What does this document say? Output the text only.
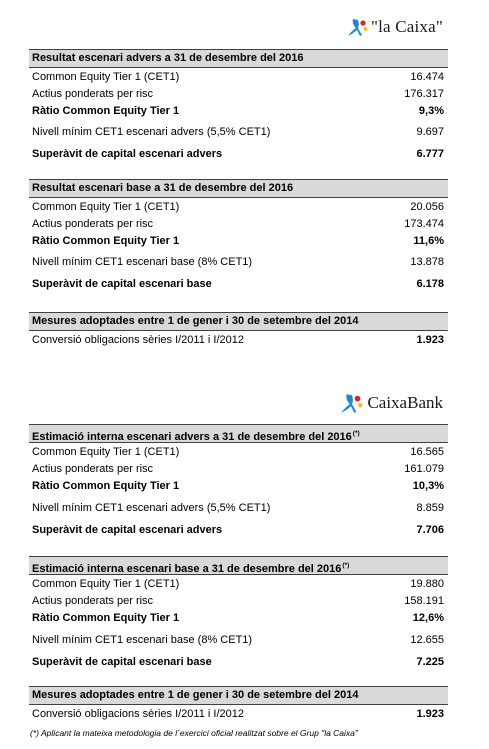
"la Caixa"
CaixaBank
Resultat escenari advers a 31 de desembre del 2016
Common Equity Tier 1 (CET1)	16.474
Actius ponderats per risc	176.317
Ràtio Common Equity Tier 1	9,3%
Nivell mínim CET1 escenari advers (5,5% CET1)	9.697
Superàvit de capital escenari advers	6.777
Resultat escenari base a 31 de desembre del 2016
Common Equity Tier 1 (CET1)	20.056
Actius ponderats per risc	173.474
Ràtio Common Equity Tier 1	11,6%
Nivell mínim CET1 escenari base (8% CET1)	13.878
Superàvit de capital escenari base	6.178
Mesures adoptades entre 1 de gener i 30 de setembre del 2014
Conversió obligacions sèries I/2011 i I/2012	1.923
Estimació interna escenari advers a 31 de desembre del 2016(*)
Common Equity Tier 1 (CET1)	16.565
Actius ponderats per risc	161.079
Ràtio Common Equity Tier 1	10,3%
Nivell mínim CET1 escenari advers (5,5% CET1)	8.859
Superàvit de capital escenari advers	7.706
Estimació interna escenari base a 31 de desembre del 2016(*)
Common Equity Tier 1 (CET1)	19.880
Actius ponderats per risc	158.191
Ràtio Common Equity Tier 1	12,6%
Nivell mínim CET1 escenari base (8% CET1)	12.655
Superàvit de capital escenari base	7.225
Mesures adoptades entre 1 de gener i 30 de setembre del 2014
Conversió obligacions sèries I/2011 i I/2012	1.923
(*) Aplicant la mateixa metodologia de l´exercici oficial realitzat sobre el Grup "la Caixa"
